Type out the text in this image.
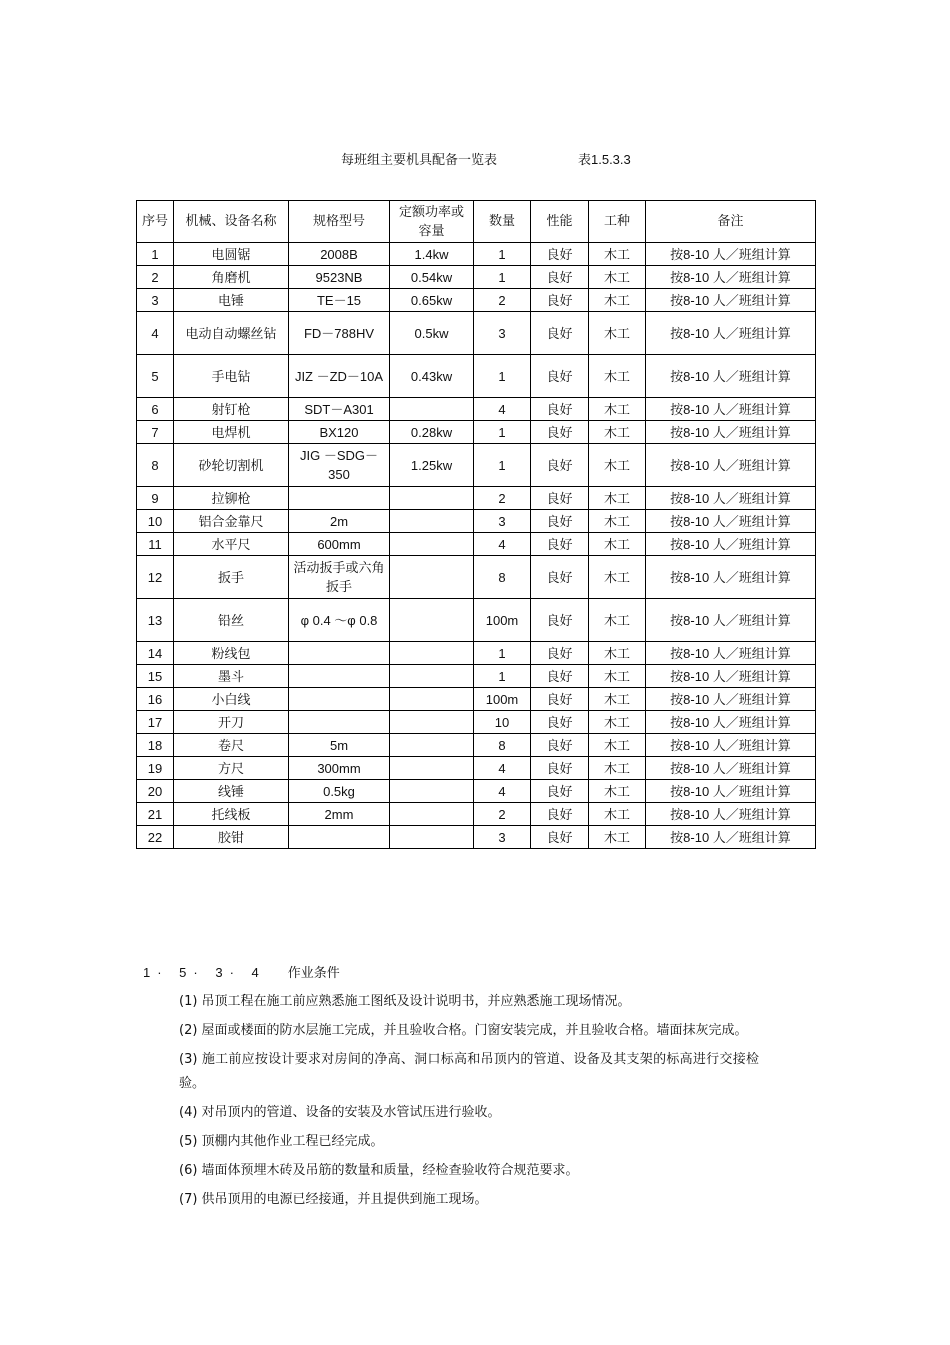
每班组主要机具配备一览表	表1.5.3.3
序号	机械、设备名称	规格型号	定额功率或容量	数量	性能	工种	备注
1	电圆锯	2008B	1.4kw	1	良好	木工	按8-10 人／班组计算
2	角磨机	9523NB	0.54kw	1	良好	木工	按8-10 人／班组计算
3	电锤	TE－15	0.65kw	2	良好	木工	按8-10 人／班组计算
4	电动自动螺丝钻	FD－788HV	0.5kw	3	良好	木工	按8-10 人／班组计算
5	手电钻	JIZ －ZD－10A	0.43kw	1	良好	木工	按8-10 人／班组计算
6	射钉枪	SDT－A301		4	良好	木工	按8-10 人／班组计算
7	电焊机	BX120	0.28kw	1	良好	木工	按8-10 人／班组计算
8	砂轮切割机	JIG －SDG－350	1.25kw	1	良好	木工	按8-10 人／班组计算
9	拉铆枪			2	良好	木工	按8-10 人／班组计算
10	铝合金靠尺	2m		3	良好	木工	按8-10 人／班组计算
11	水平尺	600mm		4	良好	木工	按8-10 人／班组计算
12	扳手	活动扳手或六角扳手		8	良好	木工	按8-10 人／班组计算
13	铅丝	φ 0.4 ～φ 0.8		100m	良好	木工	按8-10 人／班组计算
14	粉线包			1	良好	木工	按8-10 人／班组计算
15	墨斗			1	良好	木工	按8-10 人／班组计算
16	小白线			100m	良好	木工	按8-10 人／班组计算
17	开刀			10	良好	木工	按8-10 人／班组计算
18	卷尺	5m		8	良好	木工	按8-10 人／班组计算
19	方尺	300mm		4	良好	木工	按8-10 人／班组计算
20	线锤	0.5kg		4	良好	木工	按8-10 人／班组计算
21	托线板	2mm		2	良好	木工	按8-10 人／班组计算
22	胶钳			3	良好	木工	按8-10 人／班组计算
1· 5· 3· 4 作业条件
(1) 吊顶工程在施工前应熟悉施工图纸及设计说明书，并应熟悉施工现场情况。
(2) 屋面或楼面的防水层施工完成，并且验收合格。门窗安装完成，并且验收合格。墙面抹灰完成。
(3) 施工前应按设计要求对房间的净高、洞口标高和吊顶内的管道、设备及其支架的标高进行交接检验。
(4) 对吊顶内的管道、设备的安装及水管试压进行验收。
(5) 顶棚内其他作业工程已经完成。
(6) 墙面体预埋木砖及吊筋的数量和质量，经检查验收符合规范要求。
(7) 供吊顶用的电源已经接通，并且提供到施工现场。
